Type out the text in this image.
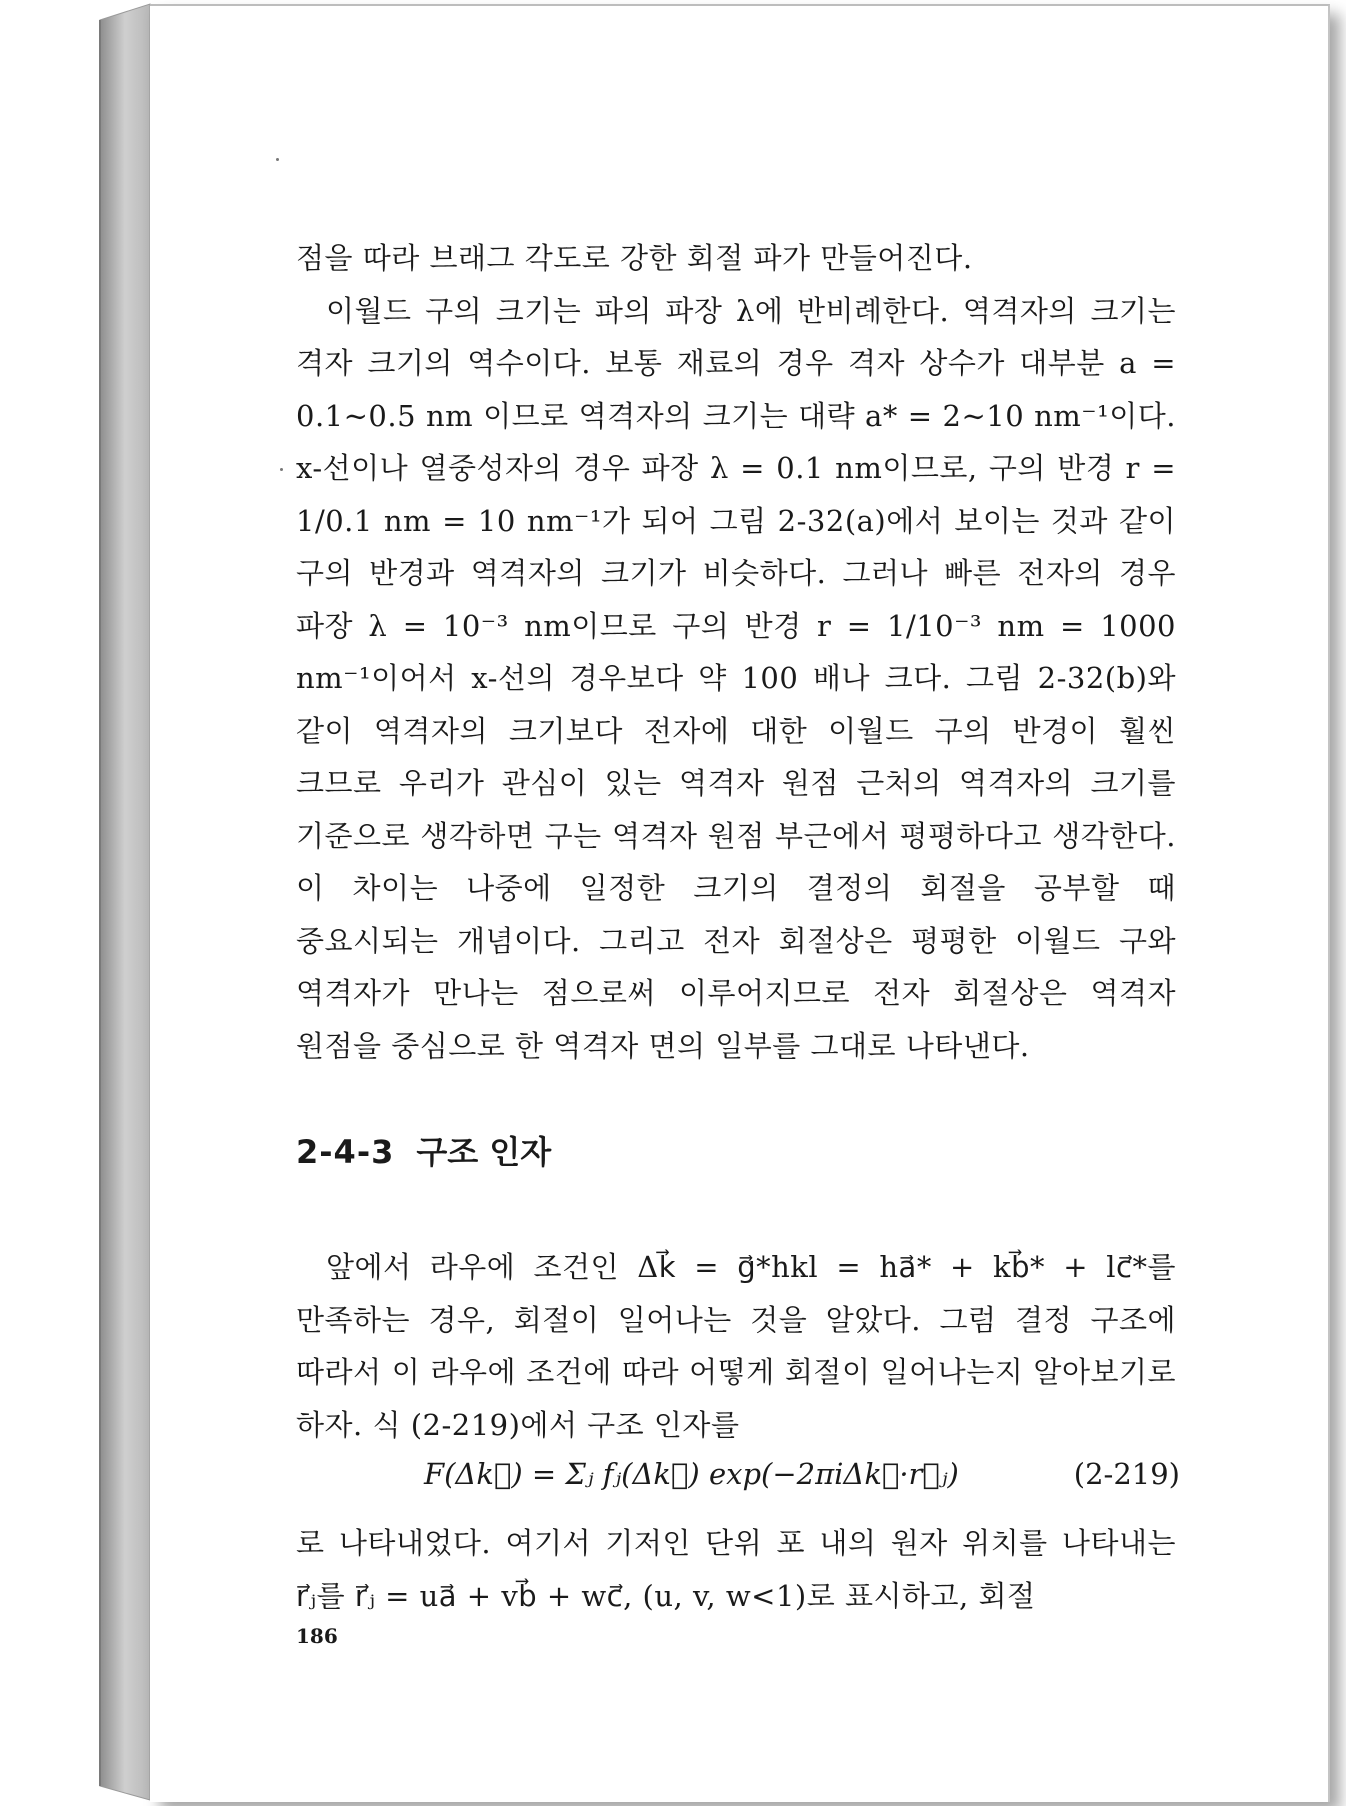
점을 따라 브래그 각도로 강한 회절 파가 만들어진다.

이월드 구의 크기는 파의 파장 λ에 반비례한다. 역격자의 크기는 격자 크기의 역수이다. 보통 재료의 경우 격자 상수가 대부분 a = 0.1∼0.5 nm 이므로 역격자의 크기는 대략 a* = 2∼10 nm⁻¹이다. x-선이나 열중성자의 경우 파장 λ = 0.1 nm이므로, 구의 반경 r = 1/0.1 nm = 10 nm⁻¹가 되어 그림 2-32(a)에서 보이는 것과 같이 구의 반경과 역격자의 크기가 비슷하다. 그러나 빠른 전자의 경우 파장 λ = 10⁻³ nm이므로 구의 반경 r = 1/10⁻³ nm = 1000 nm⁻¹이어서 x-선의 경우보다 약 100 배나 크다. 그림 2-32(b)와 같이 역격자의 크기보다 전자에 대한 이월드 구의 반경이 훨씬 크므로 우리가 관심이 있는 역격자 원점 근처의 역격자의 크기를 기준으로 생각하면 구는 역격자 원점 부근에서 평평하다고 생각한다. 이 차이는 나중에 일정한 크기의 결정의 회절을 공부할 때 중요시되는 개념이다. 그리고 전자 회절상은 평평한 이월드 구와 역격자가 만나는 점으로써 이루어지므로 전자 회절상은 역격자 원점을 중심으로 한 역격자 면의 일부를 그대로 나타낸다.

2-4-3 구조 인자

앞에서 라우에 조건인 Δk⃗ = g⃗*hkl = ha⃗* + kb⃗* + lc⃗*를 만족하는 경우, 회절이 일어나는 것을 알았다. 그럼 결정 구조에 따라서 이 라우에 조건에 따라 어떻게 회절이 일어나는지 알아보기로 하자. 식 (2-219)에서 구조 인자를

F(Δk⃗) = Σⱼ fⱼ(Δk⃗) exp(−2πiΔk⃗·r⃗ⱼ)	(2-219)

로 나타내었다. 여기서 기저인 단위 포 내의 원자 위치를 나타내는 r⃗ⱼ를 r⃗ⱼ = ua⃗ + vb⃗ + wc⃗, (u, v, w<1)로 표시하고, 회절

186
